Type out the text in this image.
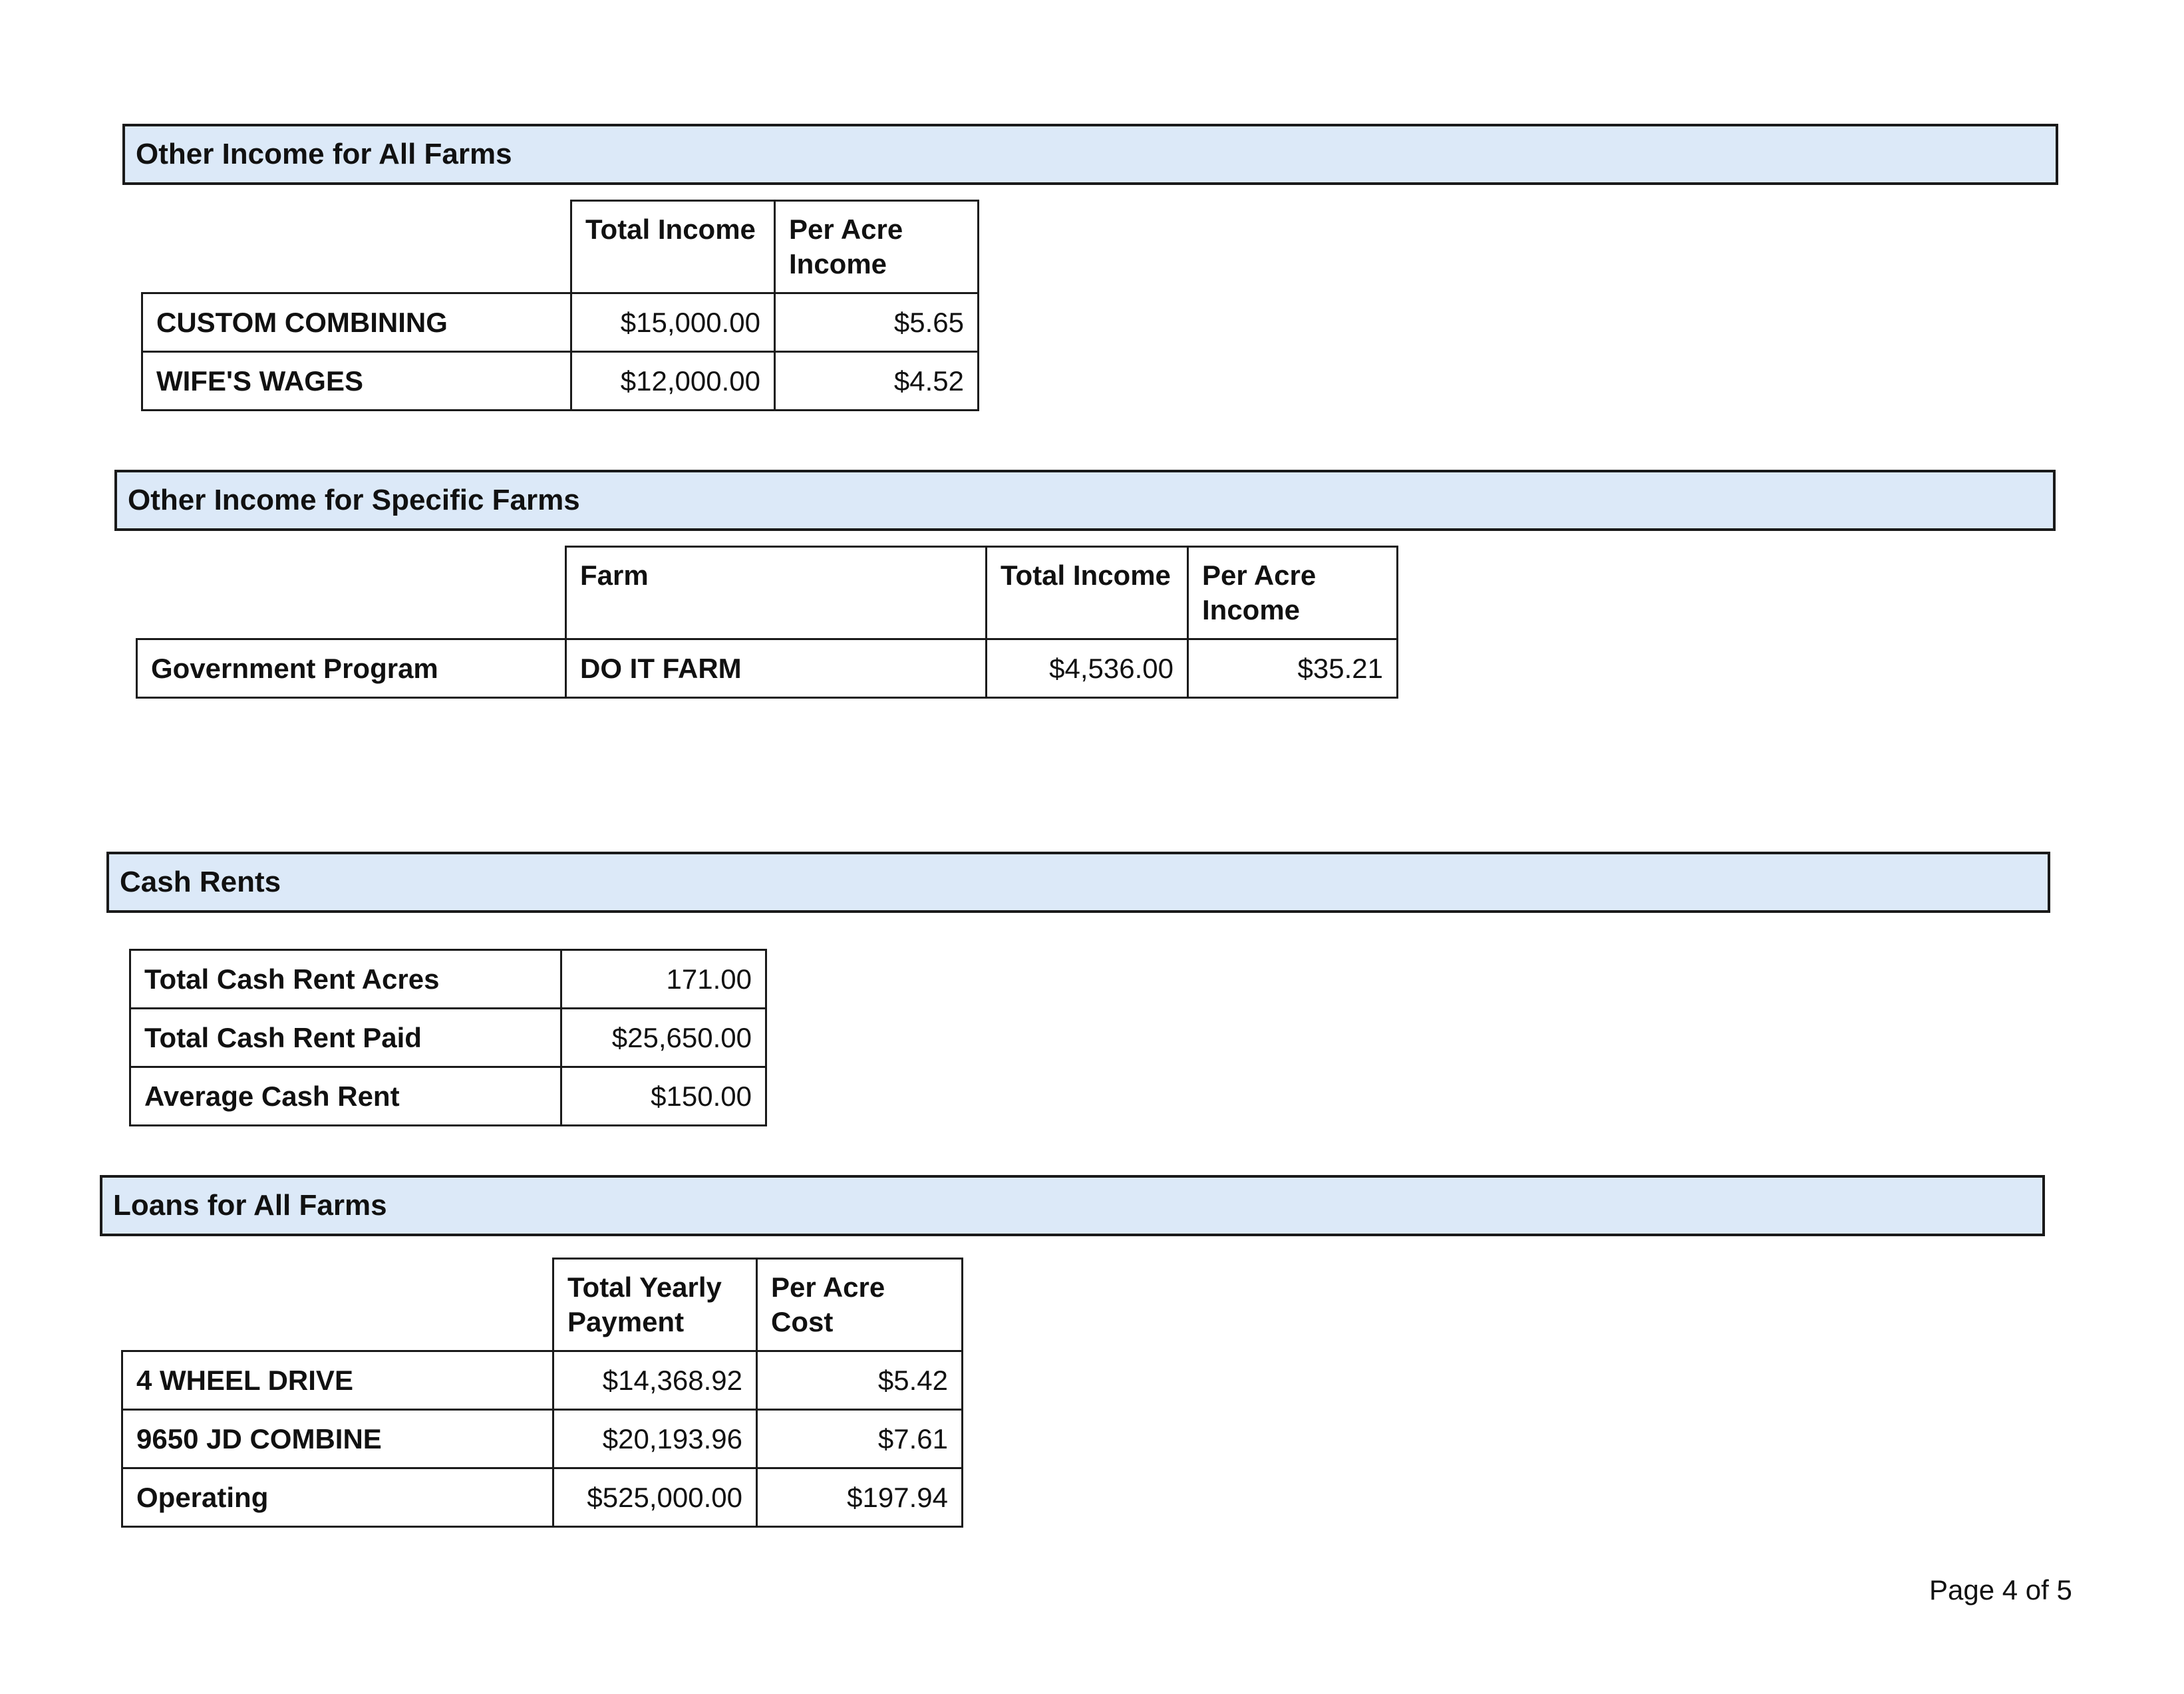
Other Income for All Farms
	Total Income	Per Acre Income
CUSTOM COMBINING	$15,000.00	$5.65
WIFE'S WAGES	$12,000.00	$4.52
Other Income for Specific Farms
	Farm	Total Income	Per Acre Income
Government Program	DO IT FARM	$4,536.00	$35.21
Cash Rents
Total Cash Rent Acres	171.00
Total Cash Rent Paid	$25,650.00
Average Cash Rent	$150.00
Loans for All Farms
	Total Yearly Payment	Per Acre Cost
4 WHEEL DRIVE	$14,368.92	$5.42
9650 JD COMBINE	$20,193.96	$7.61
Operating	$525,000.00	$197.94
Page 4 of 5
